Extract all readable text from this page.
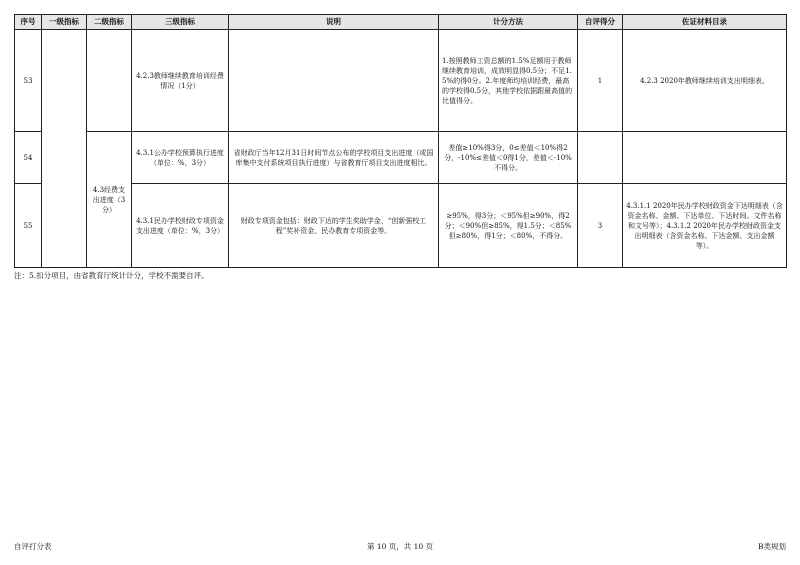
序号	一级指标	二级指标	三级指标	说明	计分方法	自评得分	佐证材料目录
53			4.2.3教师继续教育培训经费情况（1分）		1.按照教师工资总额的1.5%足额用于教师继续教育培训，成效明显得0.5分；不足1.5%的得0分。2.年度师均培训经费，最高的学校得0.5分，其他学校依据跟最高值的比值得分。	1	4.2.3 2020年教师继续培训支出明细表。
54		4.3经费支出进度（3分）	4.3.1公办学校预算执行进度（单位：%，3分）	省财政厅当年12月31日时间节点公布的学校项目支出进度（或国库集中支付系统项目执行进度）与省教育厅项目支出进度相比。	差值≥10%得3分，0≤差值＜10%得2分，-10%≤差值＜0得1分，差值＜-10%不得分。		
55			4.3.1民办学校财政专项资金支出进度（单位：%，3分）	财政专项资金包括：财政下达的学生奖助学金、“创新强校工程”奖补资金、民办教育专项资金等。	≥95%，得3分；＜95%但≥90%，得2分；＜90%但≥85%，得1.5分；＜85%但≥80%，得1分；＜80%，不得分。	3	4.3.1.1 2020年民办学校财政资金下达明细表（含资金名称、金额、下达单位、下达时间、文件名称和文号等）；4.3.1.2 2020年民办学校财政资金支出明细表（含资金名称、下达金额、支出金额等）。
注：5.扣分项目，由省教育厅统计计分，学校不需要自评。
自评打分表	第 10 页，共 10 页	B类规划
